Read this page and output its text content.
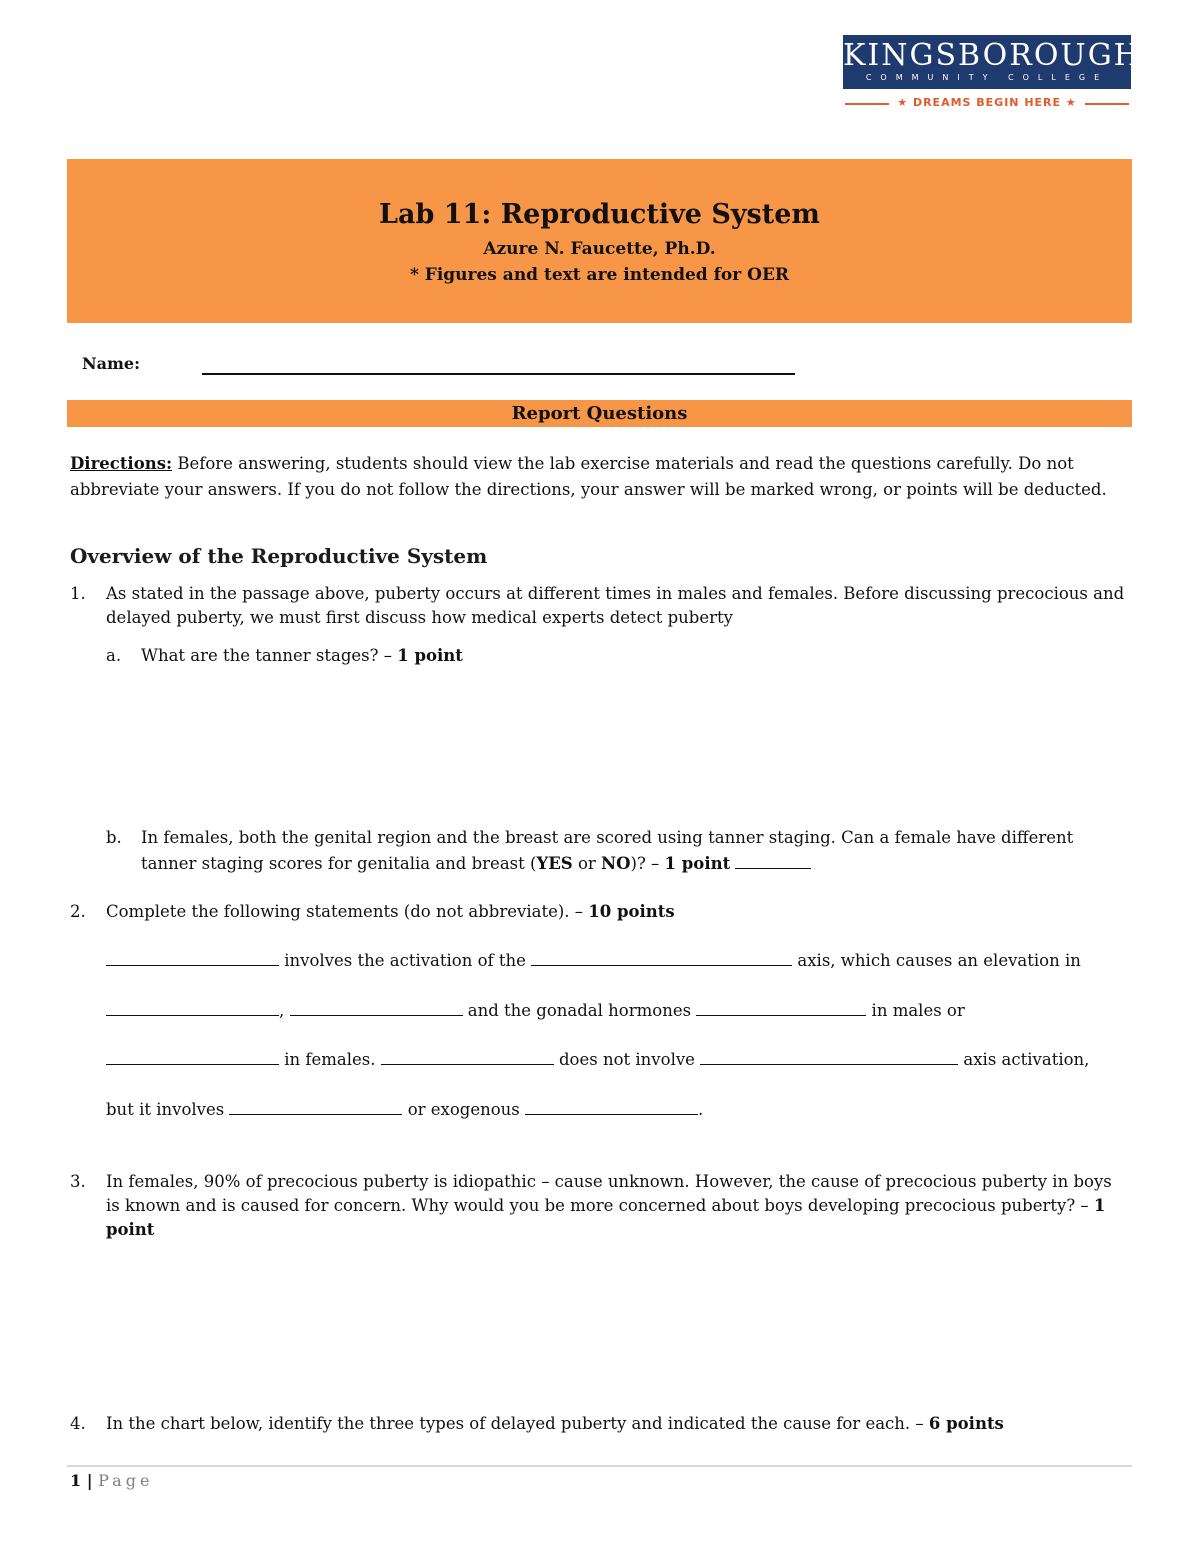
KINGSBOROUGH
COMMUNITY COLLEGE
★ DREAMS BEGIN HERE ★
Lab 11: Reproductive System
Azure N. Faucette, Ph.D.
* Figures and text are intended for OER
Name:
Report Questions
Directions: Before answering, students should view the lab exercise materials and read the questions carefully. Do not abbreviate your answers. If you do not follow the directions, your answer will be marked wrong, or points will be deducted.
Overview of the Reproductive System
1. As stated in the passage above, puberty occurs at different times in males and females. Before discussing precocious and delayed puberty, we must first discuss how medical experts detect puberty
a. What are the tanner stages? – 1 point
b. In females, both the genital region and the breast are scored using tanner staging. Can a female have different tanner staging scores for genitalia and breast (YES or NO)? – 1 point
2. Complete the following statements (do not abbreviate). – 10 points
involves the activation of the	axis, which causes an elevation in
,	and the gonadal hormones	in males or
in females.	does not involve	axis activation,
but it involves	or exogenous	.
3. In females, 90% of precocious puberty is idiopathic – cause unknown. However, the cause of precocious puberty in boys is known and is caused for concern. Why would you be more concerned about boys developing precocious puberty? – 1 point
4. In the chart below, identify the three types of delayed puberty and indicated the cause for each. – 6 points
1 | Page
